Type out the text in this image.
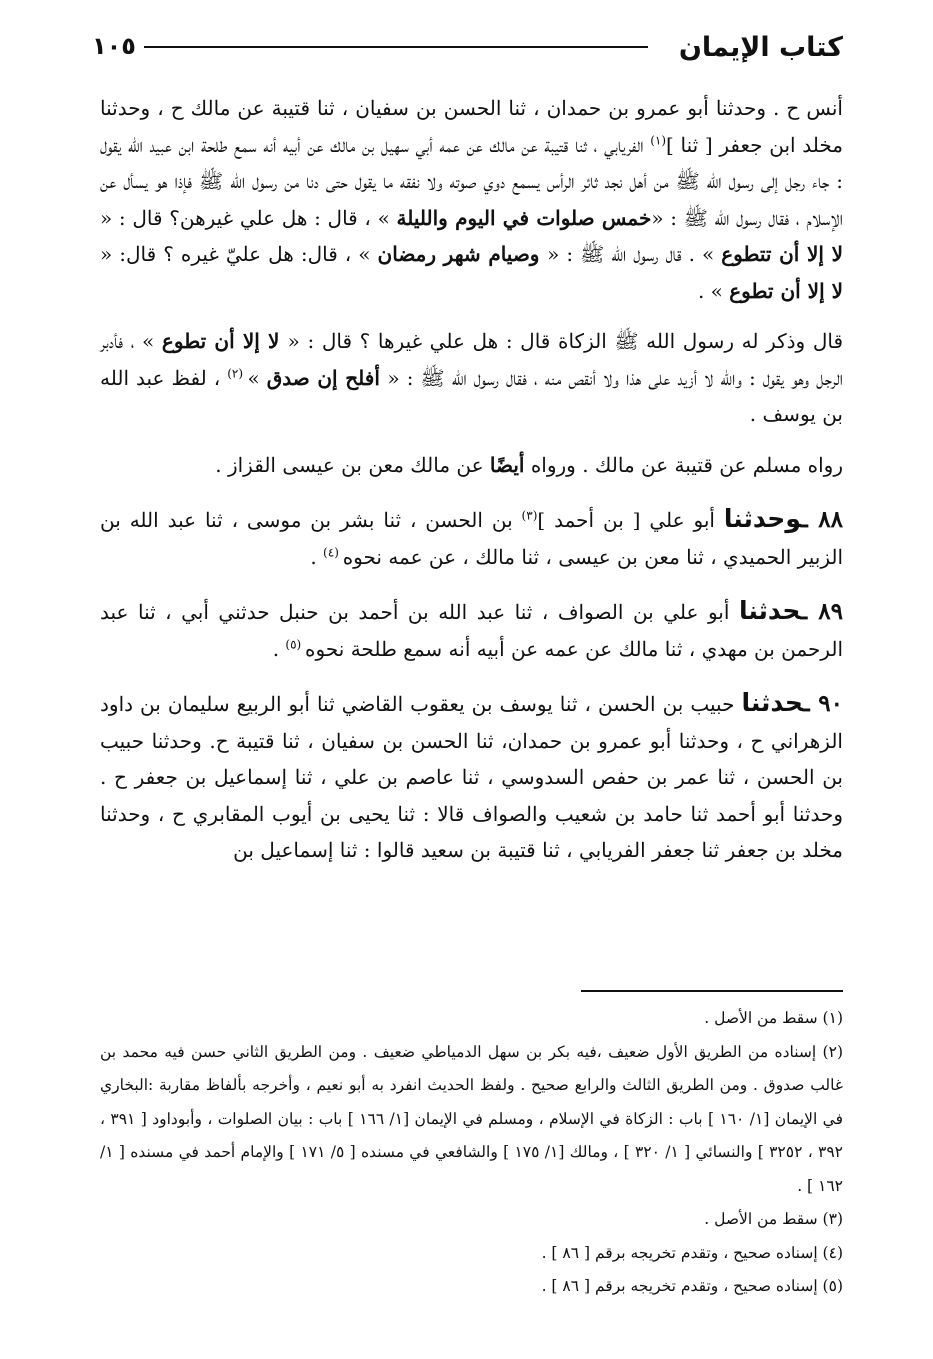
كتاب الإيمان
١٠٥

أنس ح . وحدثنا أبو عمرو بن حمدان ، ثنا الحسن بن سفيان ، ثنا قتيبة عن مالك ح ، وحدثنا مخلد ابن جعفر [ ثنا ]$^{(١)}$ الفريابي ، ثنا قتيبة عن مالك عن عمه أبي سهيل بن مالك عن أبيه أنه سمع طلحة ابن عبيد الله يقول : جاء رجل إلى رسول الله ﷺ من أهل نجد ثائر الرأس يسمع دوي صوته ولا نفقه ما يقول حتى دنا من رسول الله ﷺ فإذا هو يسأل عن الإسلام ، فقال رسول الله ﷺ : «خمس صلوات في اليوم والليلة » ، قال : هل علي غيرهن؟ قال : « لا إلا أن تتطوع » . قال رسول الله ﷺ : « وصيام شهر رمضان » ، قال: هل عليّ غيره ؟ قال: « لا إلا أن تطوع » .

قال وذكر له رسول الله ﷺ الزكاة قال : هل علي غيرها ؟ قال : « لا إلا أن تطوع » ، فأدبر الرجل وهو يقول : والله لا أزيد على هذا ولا أنقص منه ، فقال رسول الله ﷺ : « أفلح إن صدق » $^{(٢)}$ ، لفظ عبد الله بن يوسف .

رواه مسلم عن قتيبة عن مالك . ورواه أيضًا عن مالك معن بن عيسى القزاز .

٨٨ ـوحدثنا أبو علي [ بن أحمد ]$^{(٣)}$ بن الحسن ، ثنا بشر بن موسى ، ثنا عبد الله بن الزبير الحميدي ، ثنا معن بن عيسى ، ثنا مالك ، عن عمه نحوه $^{(٤)}$ .

٨٩ ـحدثنا أبو علي بن الصواف ، ثنا عبد الله بن أحمد بن حنبل حدثني أبي ، ثنا عبد الرحمن بن مهدي ، ثنا مالك عن عمه عن أبيه أنه سمع طلحة نحوه $^{(٥)}$ .

٩٠ ـحدثنا حبيب بن الحسن ، ثنا يوسف بن يعقوب القاضي ثنا أبو الربيع سليمان بن داود الزهراني ح ، وحدثنا أبو عمرو بن حمدان، ثنا الحسن بن سفيان ، ثنا قتيبة ح. وحدثنا حبيب بن الحسن ، ثنا عمر بن حفص السدوسي ، ثنا عاصم بن علي ، ثنا إسماعيل بن جعفر ح . وحدثنا أبو أحمد ثنا حامد بن شعيب والصواف قالا : ثنا يحيى بن أيوب المقابري ح ، وحدثنا مخلد بن جعفر ثنا جعفر الفريابي ، ثنا قتيبة بن سعيد قالوا : ثنا إسماعيل بن

(١) سقط من الأصل .

(٢) إسناده من الطريق الأول ضعيف ،فيه بكر بن سهل الدمياطي ضعيف . ومن الطريق الثاني حسن فيه محمد بن غالب صدوق . ومن الطريق الثالث والرابع صحيح . ولفظ الحديث انفرد به أبو نعيم ، وأخرجه بألفاظ مقاربة :البخاري في الإيمان [١/ ١٦٠ ] باب : الزكاة في الإسلام ، ومسلم في الإيمان [١/ ١٦٦ ] باب : بيان الصلوات ، وأبوداود [ ٣٩١ ، ٣٩٢ ، ٣٢٥٢ ] والنسائي [ ١/ ٣٢٠ ] ، ومالك [١/ ١٧٥ ] والشافعي في مسنده [ ٥/ ١٧١ ] والإمام أحمد في مسنده [ ١/ ١٦٢ ] .

(٣) سقط من الأصل .

(٤) إسناده صحيح ، وتقدم تخريجه برقم [ ٨٦ ] .

(٥) إسناده صحيح ، وتقدم تخريجه برقم [ ٨٦ ] .
